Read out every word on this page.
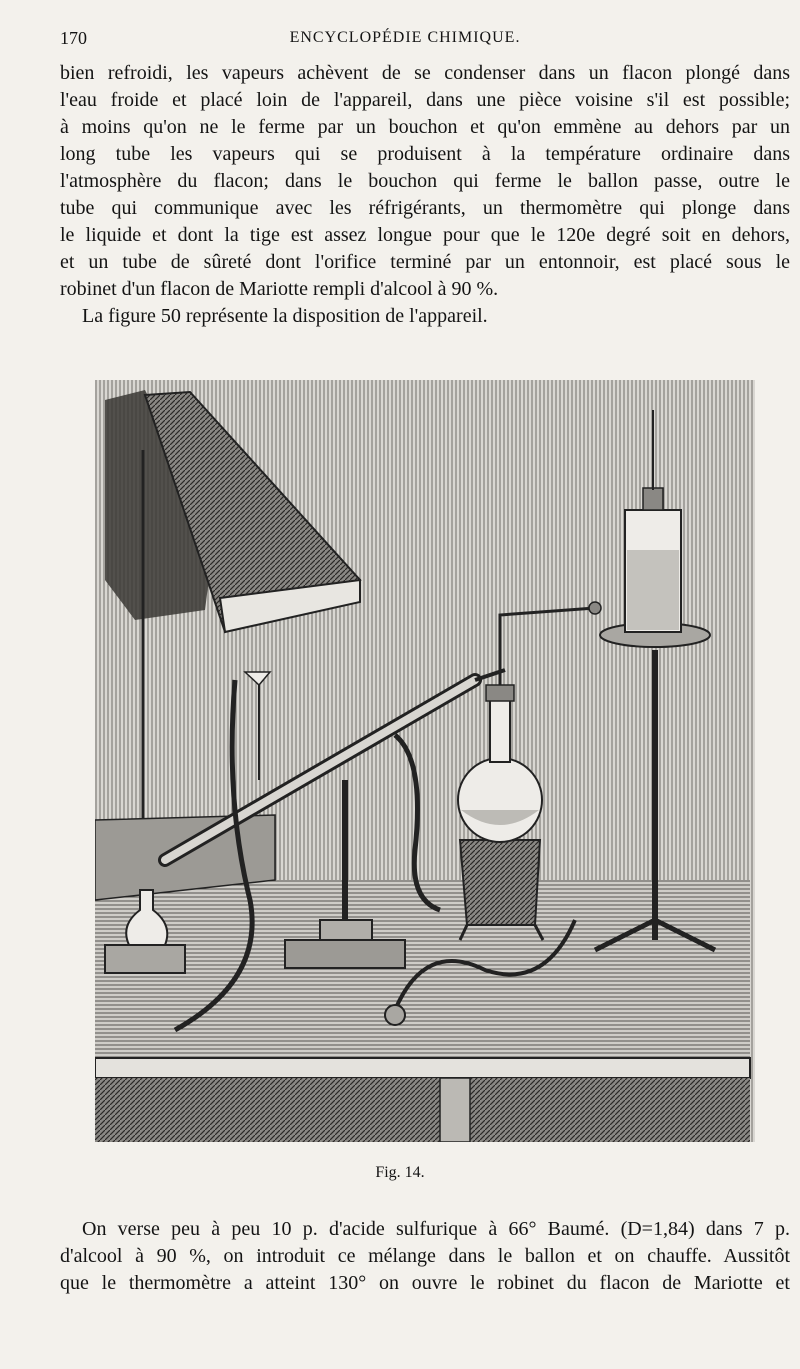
170	ENCYCLOPÉDIE CHIMIQUE.

bien refroidi, les vapeurs achèvent de se condenser dans un flacon plongé dans

l'eau froide et placé loin de l'appareil, dans une pièce voisine s'il est possible;

à moins qu'on ne le ferme par un bouchon et qu'on emmène au dehors par un

long tube les vapeurs qui se produisent à la température ordinaire dans

l'atmosphère du flacon; dans le bouchon qui ferme le ballon passe, outre le

tube qui communique avec les réfrigérants, un thermomètre qui plonge dans

le liquide et dont la tige est assez longue pour que le 120e degré soit en dehors,

et un tube de sûreté dont l'orifice terminé par un entonnoir, est placé sous le

robinet d'un flacon de Mariotte rempli d'alcool à 90 %.

La figure 50 représente la disposition de l'appareil.

Fig. 14.

On verse peu à peu 10 p. d'acide sulfurique à 66° Baumé. (D=1,84) dans 7 p.

d'alcool à 90 %, on introduit ce mélange dans le ballon et on chauffe. Aussitôt

que le thermomètre a atteint 130° on ouvre le robinet du flacon de Mariotte et
